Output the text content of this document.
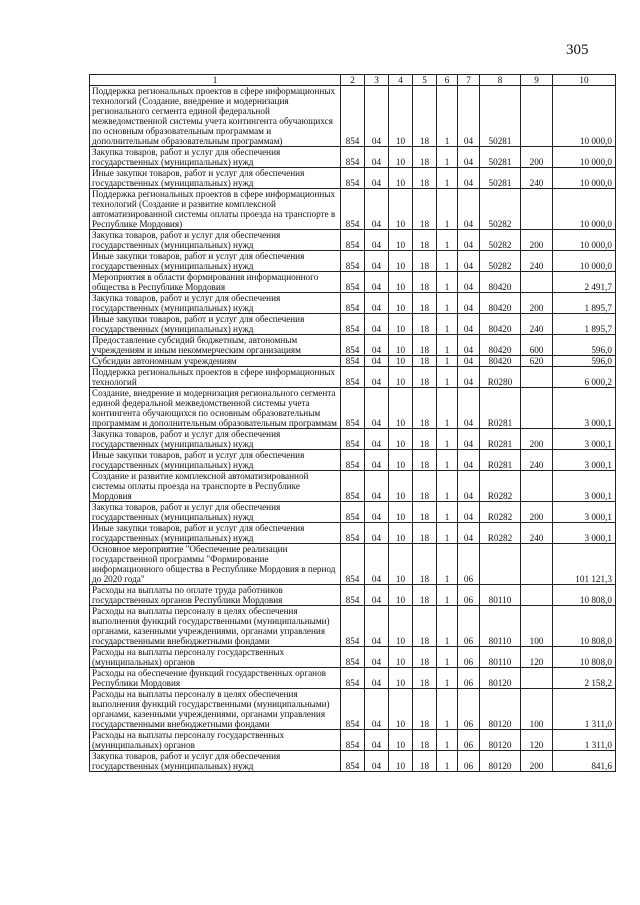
305
1	2	3	4	5	6	7	8	9	10
Поддержка региональных проектов в сфере информационных технологий (Создание, внедрение и модернизация регионального сегмента единой федеральной межведомственной системы учета контингента обучающихся по основным образовательным программам и дополнительным образовательным программам)	854	04	10	18	1	04	50281		10 000,0
Закупка товаров, работ и услуг для обеспечения государственных (муниципальных) нужд	854	04	10	18	1	04	50281	200	10 000,0
Иные закупки товаров, работ и услуг для обеспечения государственных (муниципальных) нужд	854	04	10	18	1	04	50281	240	10 000,0
Поддержка региональных проектов в сфере информационных технологий (Создание и развитие комплексной автоматизированной системы оплаты проезда на транспорте в Республике Мордовия)	854	04	10	18	1	04	50282		10 000,0
Закупка товаров, работ и услуг для обеспечения государственных (муниципальных) нужд	854	04	10	18	1	04	50282	200	10 000,0
Иные закупки товаров, работ и услуг для обеспечения государственных (муниципальных) нужд	854	04	10	18	1	04	50282	240	10 000,0
Мероприятия в области формирования информационного общества в Республике Мордовия	854	04	10	18	1	04	80420		2 491,7
Закупка товаров, работ и услуг для обеспечения государственных (муниципальных) нужд	854	04	10	18	1	04	80420	200	1 895,7
Иные закупки товаров, работ и услуг для обеспечения государственных (муниципальных) нужд	854	04	10	18	1	04	80420	240	1 895,7
Предоставление субсидий бюджетным, автономным учреждениям и иным некоммерческим организациям	854	04	10	18	1	04	80420	600	596,0
Субсидии автономным учреждениям	854	04	10	18	1	04	80420	620	596,0
Поддержка региональных проектов в сфере информационных технологий	854	04	10	18	1	04	R0280		6 000,2
Создание, внедрение и модернизация регионального сегмента единой федеральной межведомственной системы учета контингента обучающихся по основным образовательным программам и дополнительным образовательным программам	854	04	10	18	1	04	R0281		3 000,1
Закупка товаров, работ и услуг для обеспечения государственных (муниципальных) нужд	854	04	10	18	1	04	R0281	200	3 000,1
Иные закупки товаров, работ и услуг для обеспечения государственных (муниципальных) нужд	854	04	10	18	1	04	R0281	240	3 000,1
Создание и развитие комплексной автоматизированной системы оплаты проезда на транспорте в Республике Мордовия	854	04	10	18	1	04	R0282		3 000,1
Закупка товаров, работ и услуг для обеспечения государственных (муниципальных) нужд	854	04	10	18	1	04	R0282	200	3 000,1
Иные закупки товаров, работ и услуг для обеспечения государственных (муниципальных) нужд	854	04	10	18	1	04	R0282	240	3 000,1
Основное мероприятие "Обеспечение реализации государственной программы "Формирование информационного общества в Республике Мордовия в период до 2020 года"	854	04	10	18	1	06			101 121,3
Расходы на выплаты по оплате труда работников государственных органов Республики Мордовия	854	04	10	18	1	06	80110		10 808,0
Расходы на выплаты персоналу в целях обеспечения выполнения функций государственными (муниципальными) органами, казенными учреждениями, органами управления государственными внебюджетными фондами	854	04	10	18	1	06	80110	100	10 808,0
Расходы на выплаты персоналу государственных (муниципальных) органов	854	04	10	18	1	06	80110	120	10 808,0
Расходы на обеспечение функций государственных органов Республики Мордовия	854	04	10	18	1	06	80120		2 158,2
Расходы на выплаты персоналу в целях обеспечения выполнения функций государственными (муниципальными) органами, казенными учреждениями, органами управления государственными внебюджетными фондами	854	04	10	18	1	06	80120	100	1 311,0
Расходы на выплаты персоналу государственных (муниципальных) органов	854	04	10	18	1	06	80120	120	1 311,0
Закупка товаров, работ и услуг для обеспечения государственных (муниципальных) нужд	854	04	10	18	1	06	80120	200	841,6
